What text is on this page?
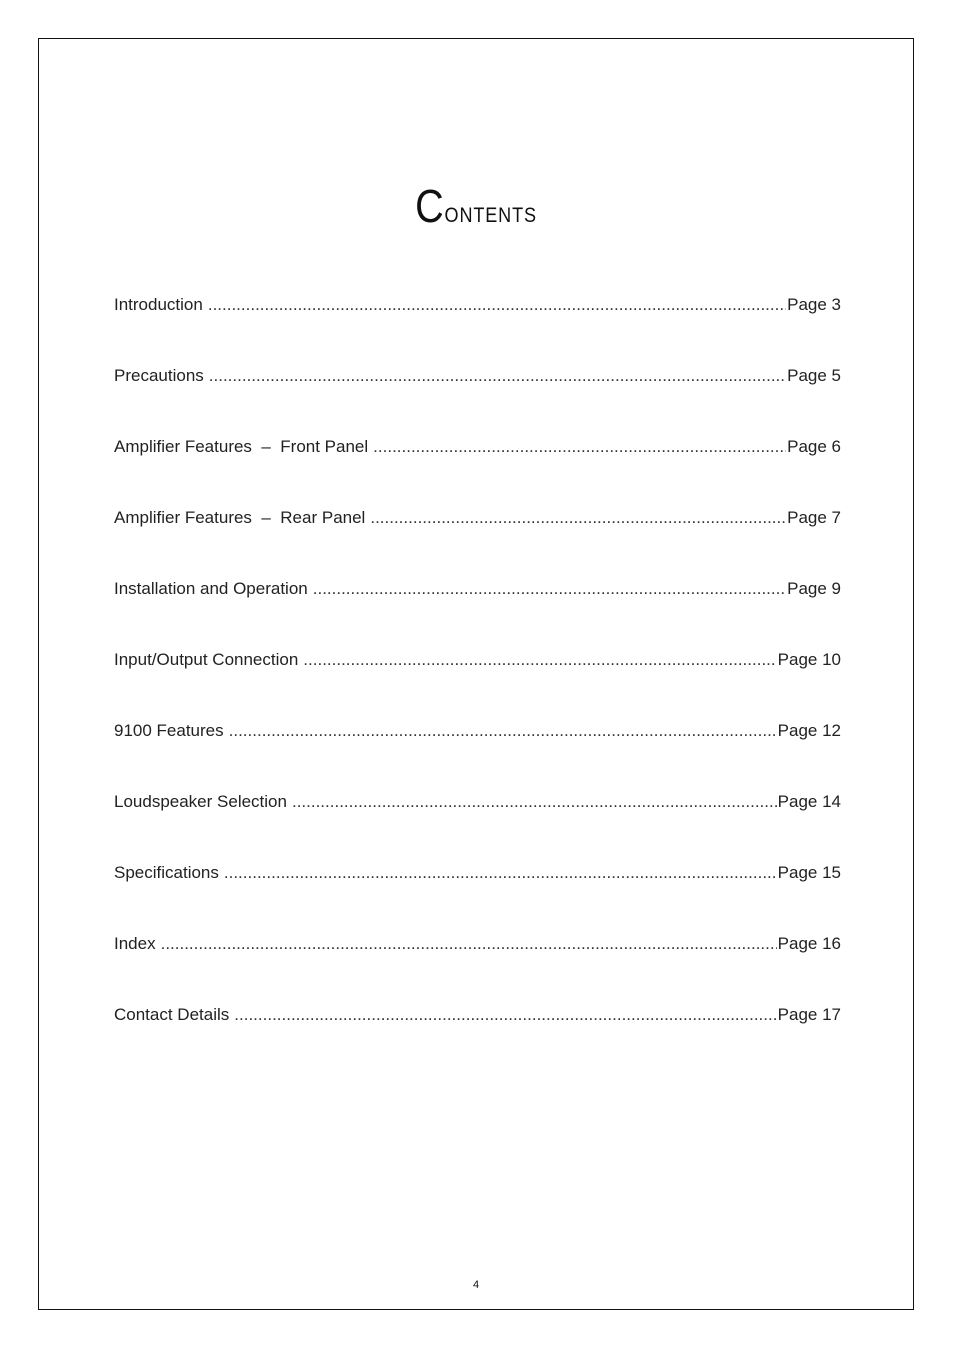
Contents
Introduction .....	Page 3
Precautions .....	Page 5
Amplifier Features  –  Front Panel .....	Page 6
Amplifier Features  –  Rear Panel .....	Page 7
Installation and Operation .....	Page 9
Input/Output Connection .....	Page 10
9100 Features .....	Page 12
Loudspeaker Selection .....	Page 14
Specifications .....	Page 15
Index .....	Page 16
Contact Details .....	Page 17
4
